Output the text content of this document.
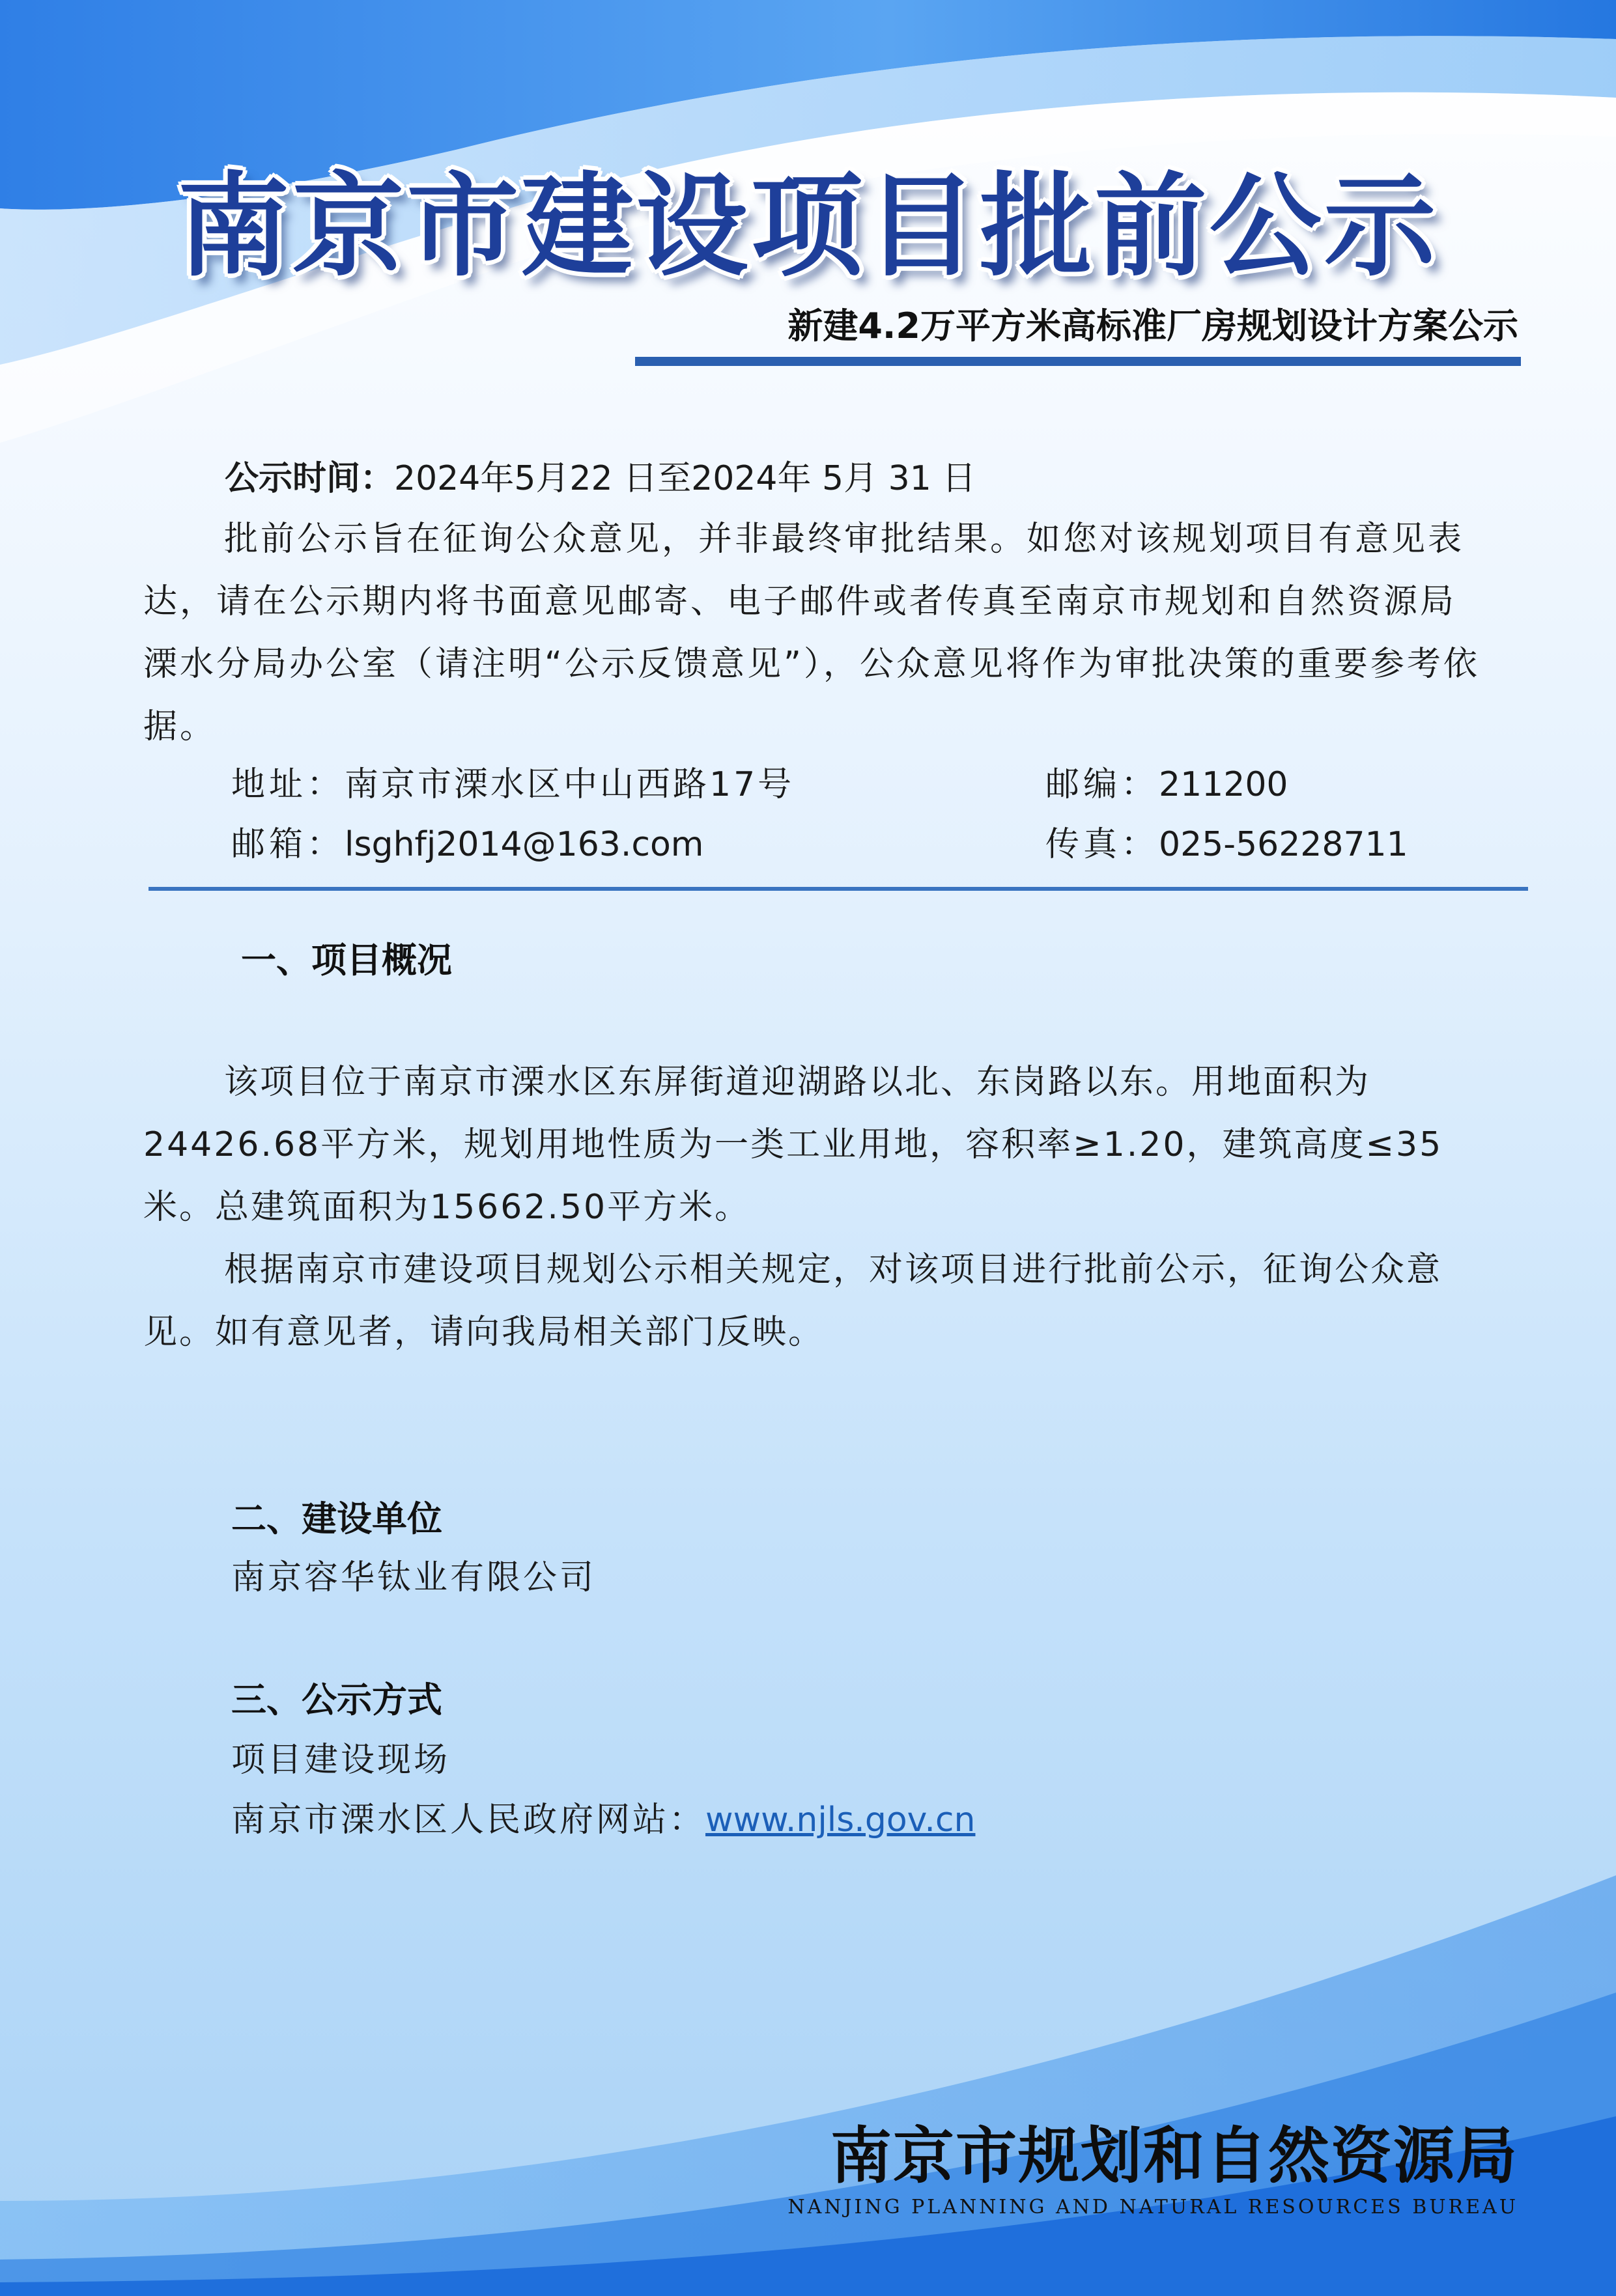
南京市建设项目批前公示
新建4.2万平方米高标准厂房规划设计方案公示
公示时间：2024年5月22 日至2024年 5月 31 日

批前公示旨在征询公众意见，并非最终审批结果。如您对该规划项目有意见表达，请在公示期内将书面意见邮寄、电子邮件或者传真至南京市规划和自然资源局溧水分局办公室（请注明“公示反馈意见”），公众意见将作为审批决策的重要参考依据。

地址：南京市溧水区中山西路17号	邮编：211200
邮箱：lsghfj2014@163.com	传真：025-56228711
一、项目概况

该项目位于南京市溧水区东屏街道迎湖路以北、东岗路以东。用地面积为24426.68平方米，规划用地性质为一类工业用地，容积率≥1.20，建筑高度≤35米。总建筑面积为15662.50平方米。

根据南京市建设项目规划公示相关规定，对该项目进行批前公示，征询公众意见。如有意见者，请向我局相关部门反映。

二、建设单位
南京容华钛业有限公司
三、公示方式
项目建设现场
南京市溧水区人民政府网站：www.njls.gov.cn
南京市规划和自然资源局
NANJING PLANNING AND NATURAL RESOURCES BUREAU
